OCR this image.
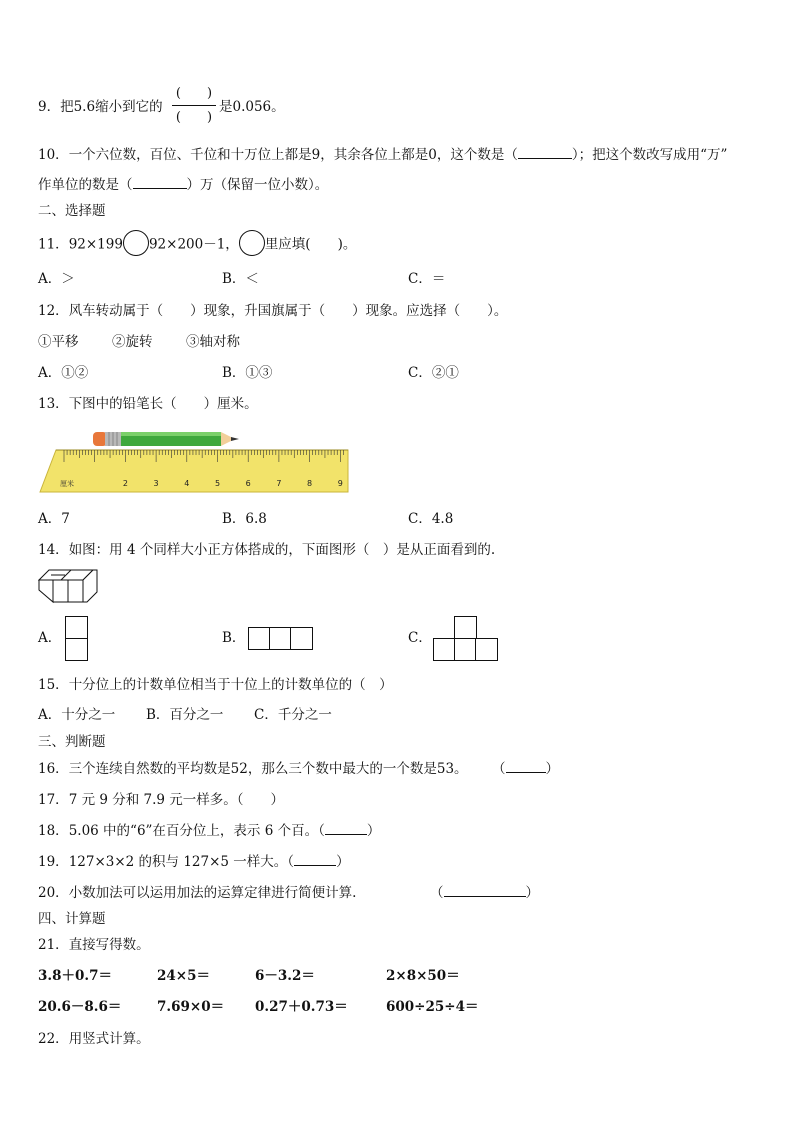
9．把5.6缩小到它的
(　　)
(　　)
是0.056。
10．一个六位数，百位、千位和十万位上都是9，其余各位上都是0，这个数是（	）；把这个数改写成用“万”
作单位的数是（	）万（保留一位小数）。
二、选择题
11．92×199 92×200－1， 里应填(　　)。
A．＞	B．＜	C．＝
12．风车转动属于（　　）现象，升国旗属于（　　）现象。应选择（　　）。
①平移 ②旋转 ③轴对称
A．①②	B．①③	C．②①
13．下图中的铅笔长（　　）厘米。
2	3	4	5	6	7	8	9
厘米
A．7	B．6.8	C．4.8
14．如图：用 4 个同样大小正方体搭成的，下面图形（　）是从正面看到的.
A．	B．	C．
15．十分位上的计数单位相当于十位上的计数单位的（　）
A．十分之一 B．百分之一 C．千分之一
三、判断题
16．三个连续自然数的平均数是52，那么三个数中最大的一个数是53。 （	）
17．7 元 9 分和 7.9 元一样多。（　　）
18．5.06 中的“6”在百分位上，表示 6 个百。（	）
19．127×3×2 的积与 127×5 一样大。（	）
20．小数加法可以运用加法的运算定律进行简便计算.	（	）
四、计算题
21．直接写得数。
3.8＋0.7＝	24×5＝	6－3.2＝	2×8×50＝
20.6－8.6＝	7.69×0＝ 0.27＋0.73＝	600÷25÷4＝
22．用竖式计算。
